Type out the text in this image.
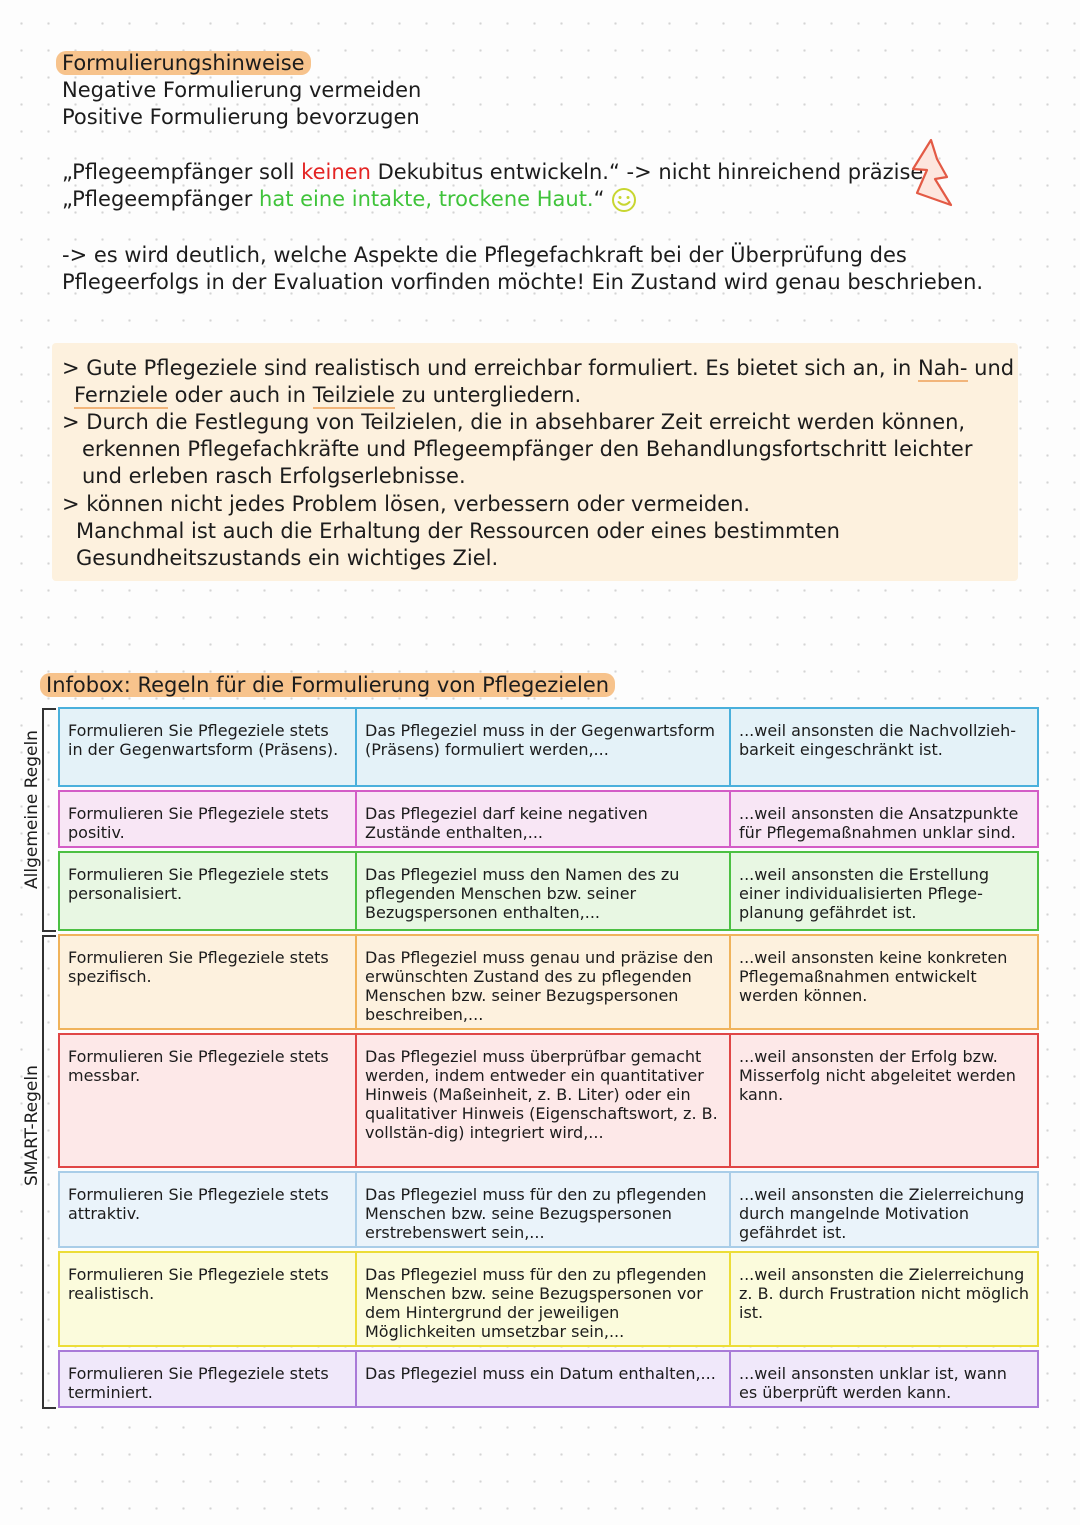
Formulierungshinweise
Negative Formulierung vermeiden
Positive Formulierung bevorzugen
„Pflegeempfänger soll keinen Dekubitus entwickeln.“ -> nicht hinreichend präzise
„Pflegeempfänger hat eine intakte, trockene Haut.“
-> es wird deutlich, welche Aspekte die Pflegefachkraft bei der Überprüfung des
Pflegeerfolgs in der Evaluation vorfinden möchte! Ein Zustand wird genau beschrieben.
> Gute Pflegeziele sind realistisch und erreichbar formuliert. Es bietet sich an, in Nah- und
Fernziele oder auch in Teilziele zu untergliedern.
> Durch die Festlegung von Teilzielen, die in absehbarer Zeit erreicht werden können,
erkennen Pflegefachkräfte und Pflegeempfänger den Behandlungsfortschritt leichter
und erleben rasch Erfolgserlebnisse.
> können nicht jedes Problem lösen, verbessern oder vermeiden.
Manchmal ist auch die Erhaltung der Ressourcen oder eines bestimmten
Gesundheitszustands ein wichtiges Ziel.
Infobox: Regeln für die Formulierung von Pflegezielen
Allgemeine Regeln
SMART-Regeln
Formulieren Sie Pflegeziele stets in der Gegenwartsform (Präsens).	Das Pflegeziel muss in der Gegenwartsform (Präsens) formuliert werden,...	...weil ansonsten die Nachvollzieh-barkeit eingeschränkt ist.
Formulieren Sie Pflegeziele stets positiv.	Das Pflegeziel darf keine negativen Zustände enthalten,...	...weil ansonsten die Ansatzpunkte für Pflegemaßnahmen unklar sind.
Formulieren Sie Pflegeziele stets personalisiert.	Das Pflegeziel muss den Namen des zu pflegenden Menschen bzw. seiner Bezugspersonen enthalten,...	...weil ansonsten die Erstellung einer individualisierten Pflege-planung gefährdet ist.
Formulieren Sie Pflegeziele stets spezifisch.	Das Pflegeziel muss genau und präzise den erwünschten Zustand des zu pflegenden Menschen bzw. seiner Bezugspersonen beschreiben,...	...weil ansonsten keine konkreten Pflegemaßnahmen entwickelt werden können.
Formulieren Sie Pflegeziele stets messbar.	Das Pflegeziel muss überprüfbar gemacht werden, indem entweder ein quantitativer Hinweis (Maßeinheit, z. B. Liter) oder ein qualitativer Hinweis (Eigenschaftswort, z. B. vollstän-dig) integriert wird,...	...weil ansonsten der Erfolg bzw. Misserfolg nicht abgeleitet werden kann.
Formulieren Sie Pflegeziele stets attraktiv.	Das Pflegeziel muss für den zu pflegenden Menschen bzw. seine Bezugspersonen erstrebenswert sein,...	...weil ansonsten die Zielerreichung durch mangelnde Motivation gefährdet ist.
Formulieren Sie Pflegeziele stets realistisch.	Das Pflegeziel muss für den zu pflegenden Menschen bzw. seine Bezugspersonen vor dem Hintergrund der jeweiligen Möglichkeiten umsetzbar sein,...	...weil ansonsten die Zielerreichung z. B. durch Frustration nicht möglich ist.
Formulieren Sie Pflegeziele stets terminiert.	Das Pflegeziel muss ein Datum enthalten,...	...weil ansonsten unklar ist, wann es überprüft werden kann.
